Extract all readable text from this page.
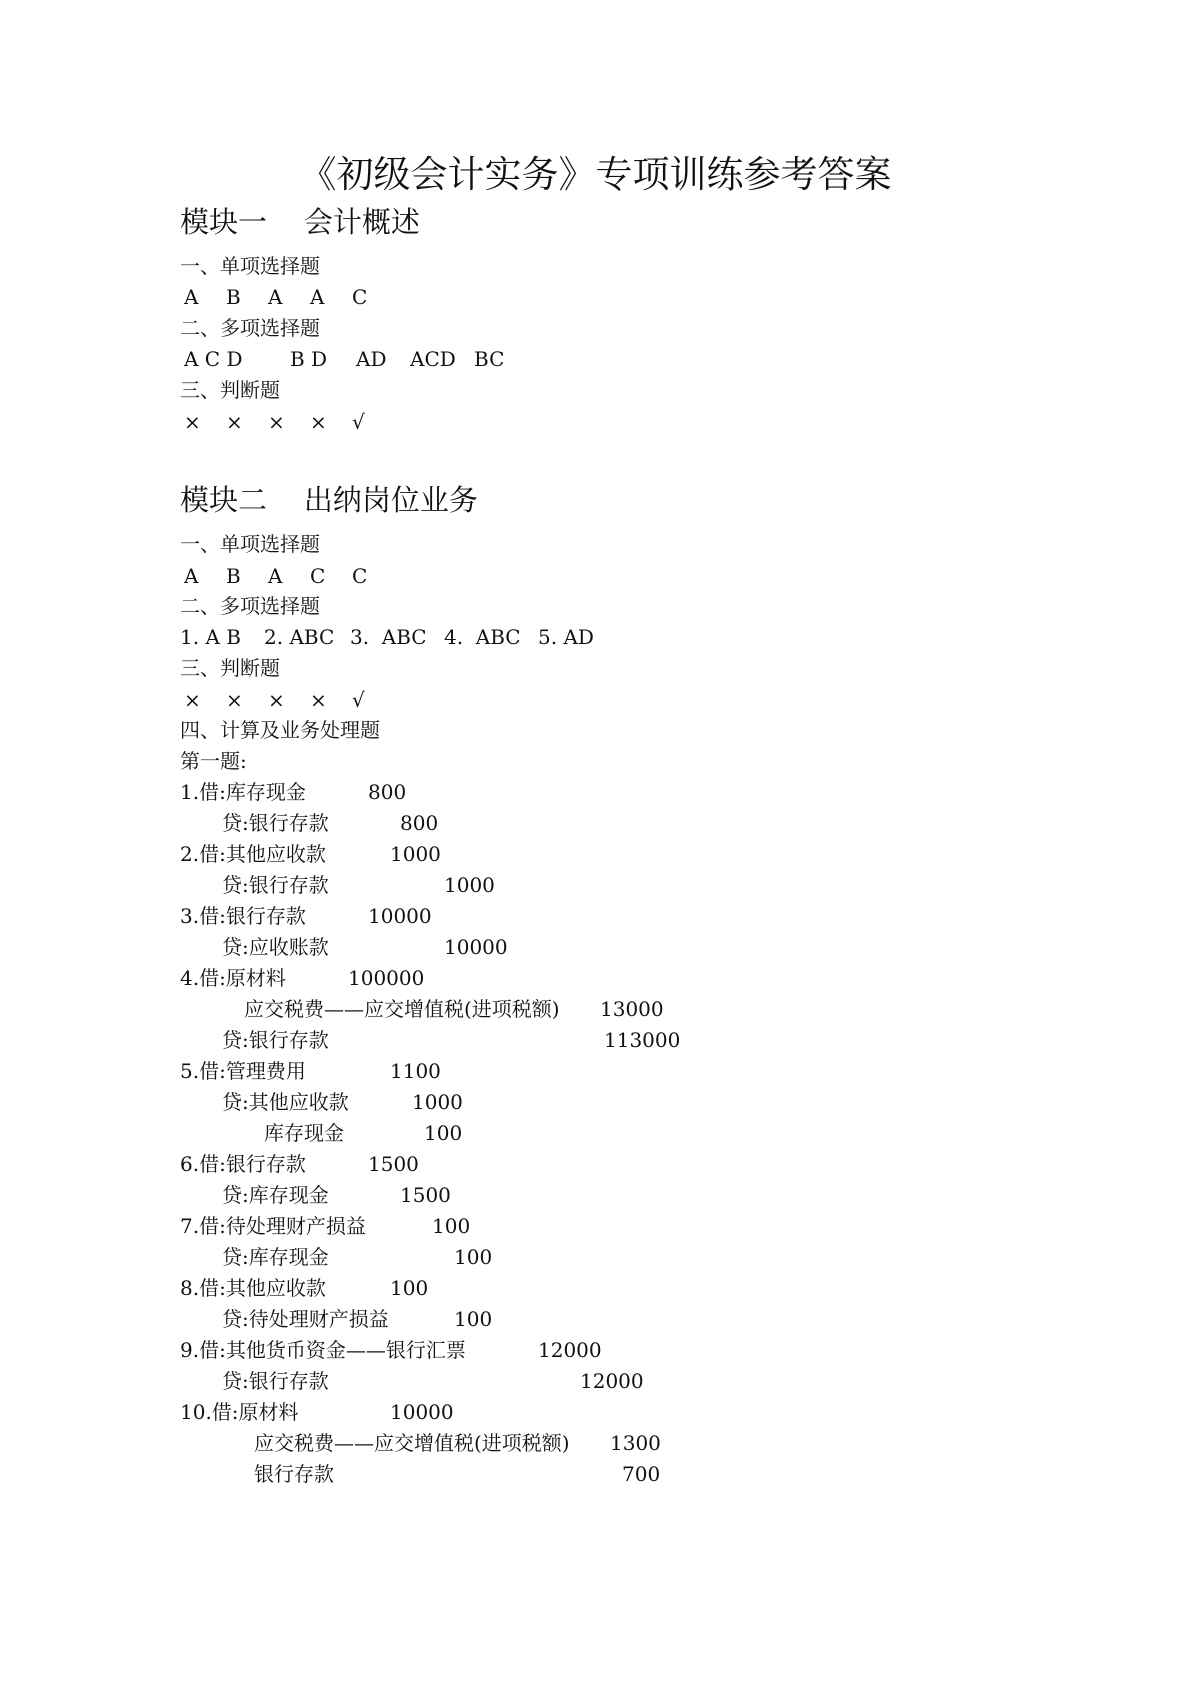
《初级会计实务》专项训练参考答案
模块一    会计概述
一、单项选择题
A B A A C
二、多项选择题
A C D B D AD ACD BC
三、判断题
× × × × √
模块二    出纳岗位业务
一、单项选择题
A B A C C
二、多项选择题
1. A B 2. ABC 3.  ABC 4.  ABC 5. AD
三、判断题
× × × × √
四、计算及业务处理题
第一题:
1.借:库存现金	800
贷:银行存款	800
2.借:其他应收款	1000
贷:银行存款	1000
3.借:银行存款	10000
贷:应收账款	10000
4.借:原材料	100000
应交税费——应交增值税(进项税额) 13000
贷:银行存款	113000
5.借:管理费用	1100
贷:其他应收款	1000
库存现金	100
6.借:银行存款	1500
贷:库存现金	1500
7.借:待处理财产损益	100
贷:库存现金	100
8.借:其他应收款	100
贷:待处理财产损益	100
9.借:其他货币资金——银行汇票	12000
贷:银行存款	12000
10.借:原材料	10000
应交税费——应交增值税(进项税额) 1300
银行存款	700
